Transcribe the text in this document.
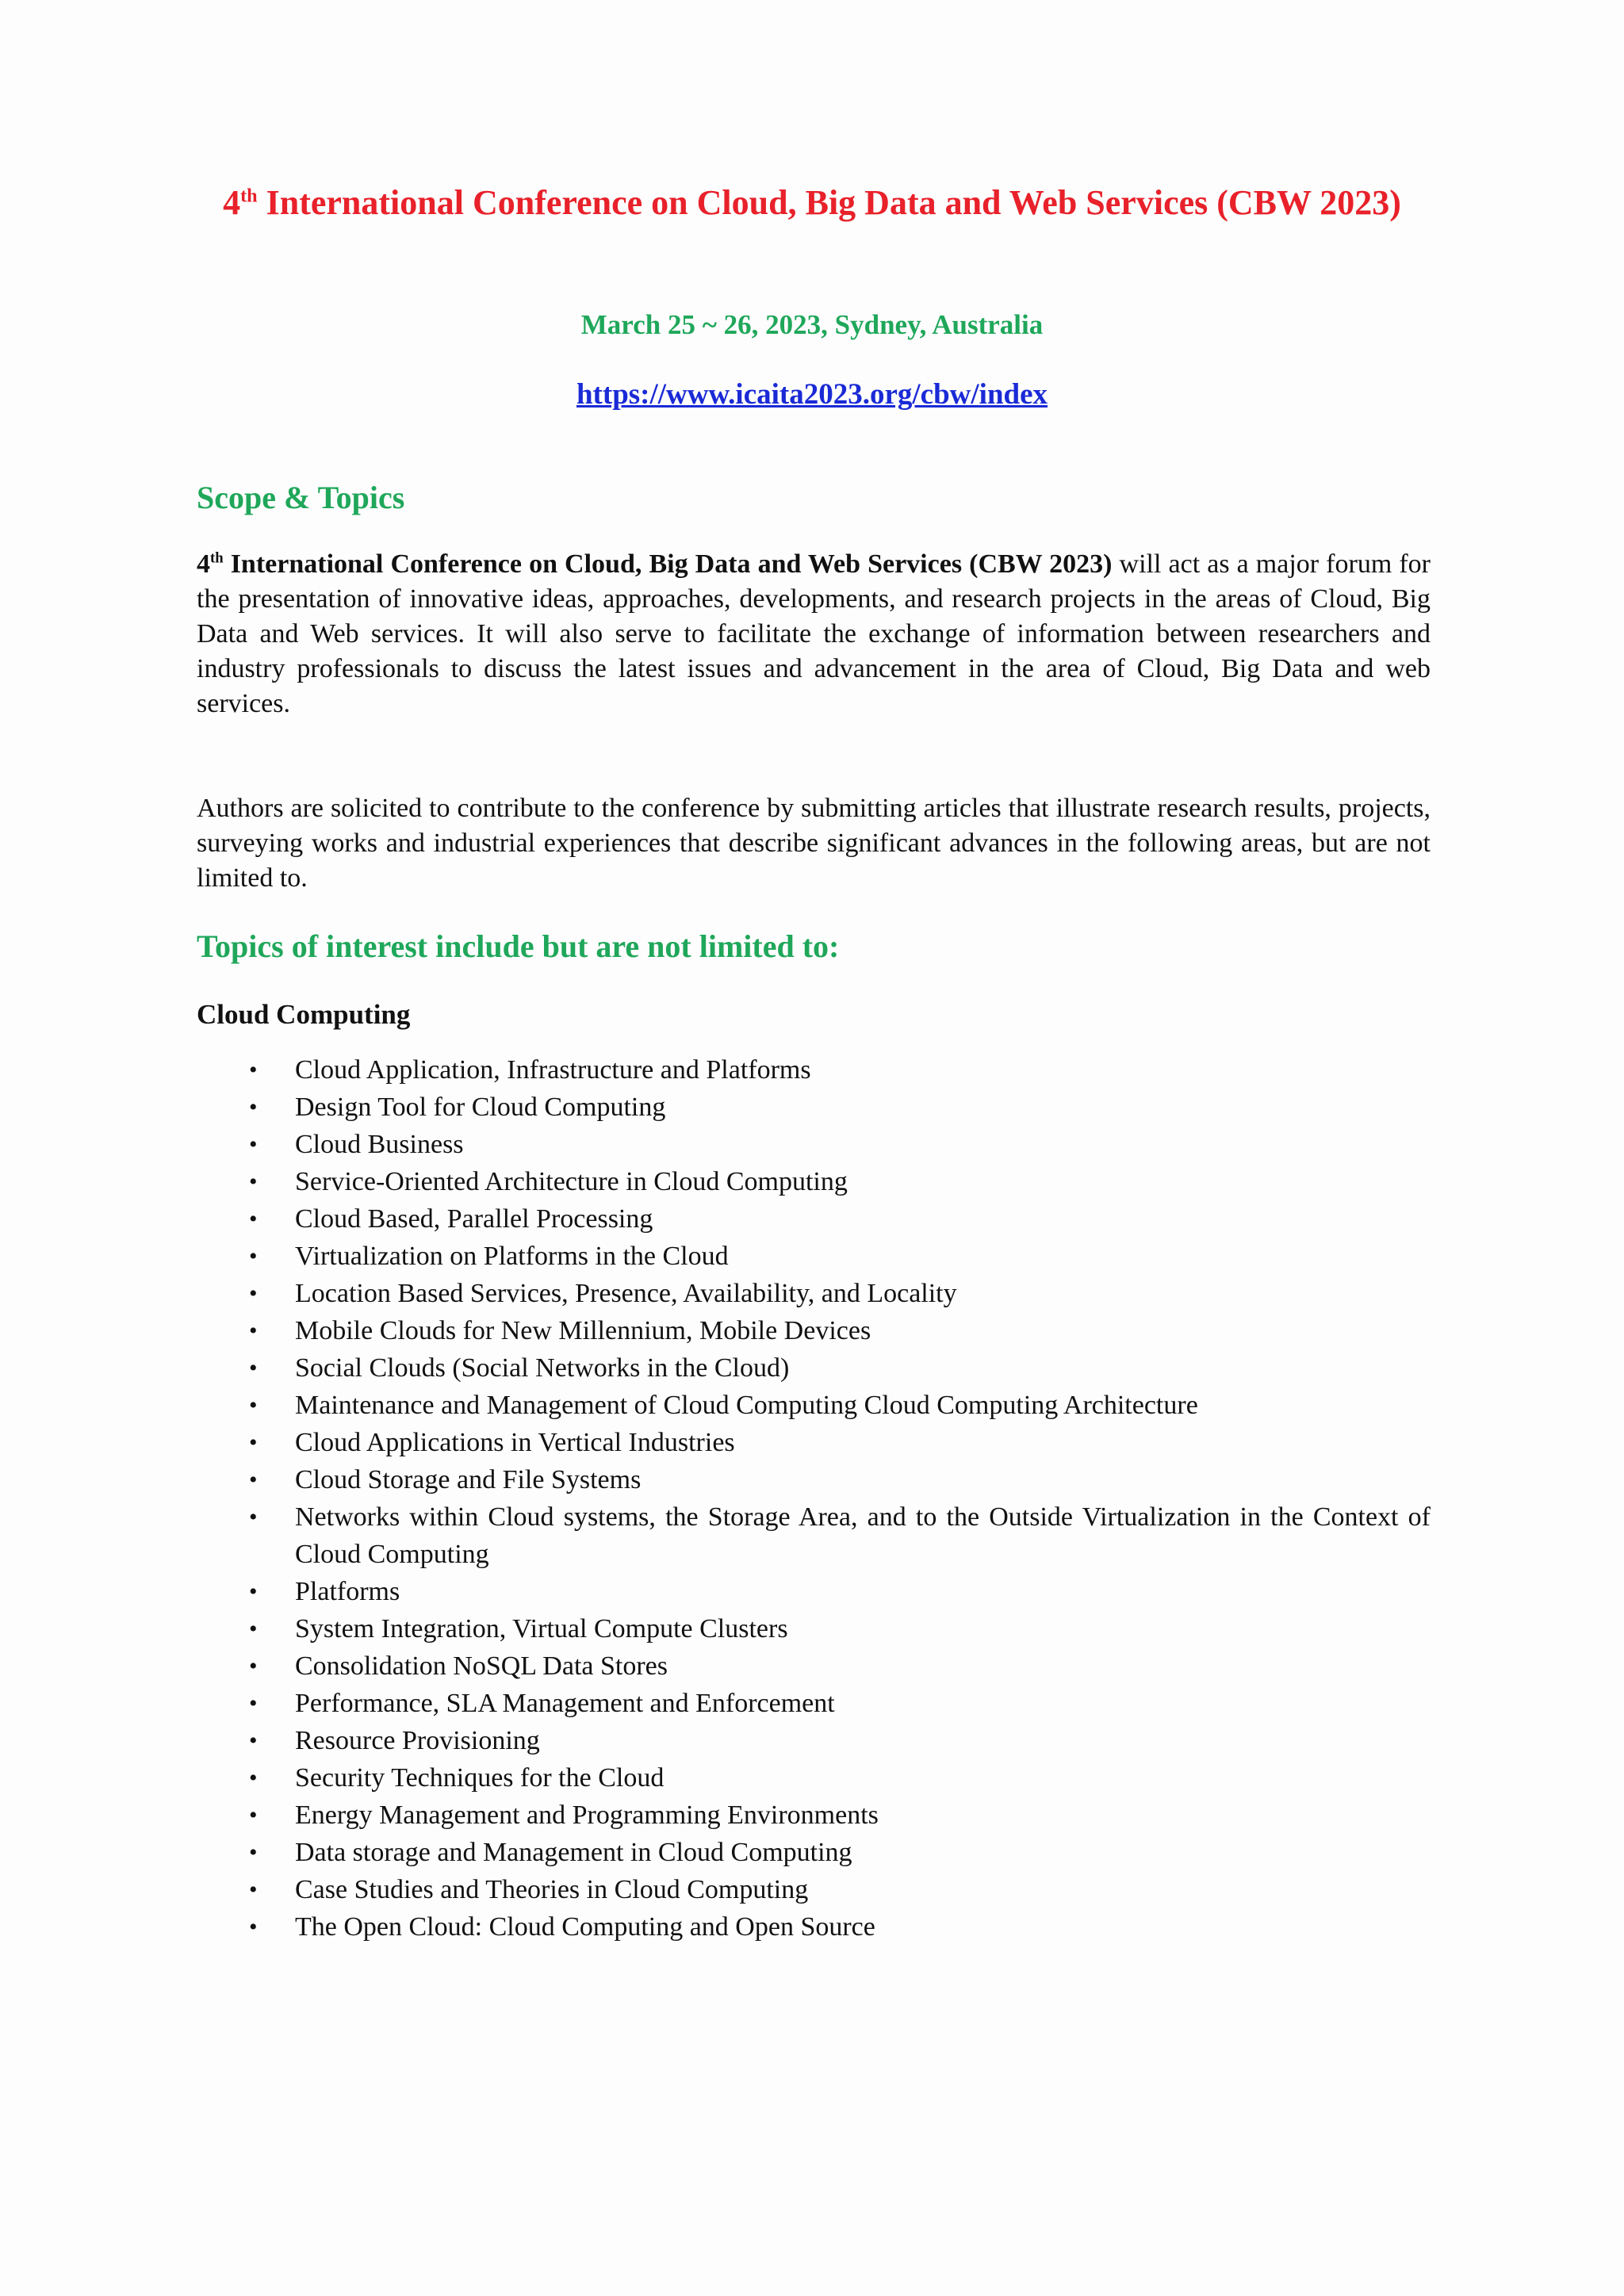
4th International Conference on Cloud, Big Data and Web Services (CBW 2023)

March 25 ~ 26, 2023, Sydney, Australia

https://www.icaita2023.org/cbw/index

Scope & Topics

4th International Conference on Cloud, Big Data and Web Services (CBW 2023) will act as a major forum for the presentation of innovative ideas, approaches, developments, and research projects in the areas of Cloud, Big Data and Web services. It will also serve to facilitate the exchange of information between researchers and industry professionals to discuss the latest issues and advancement in the area of Cloud, Big Data and web services.

Authors are solicited to contribute to the conference by submitting articles that illustrate research results, projects, surveying works and industrial experiences that describe significant advances in the following areas, but are not limited to.

Topics of interest include but are not limited to:
Cloud Computing
• Cloud Application, Infrastructure and Platforms
• Design Tool for Cloud Computing
• Cloud Business
• Service-Oriented Architecture in Cloud Computing
• Cloud Based, Parallel Processing
• Virtualization on Platforms in the Cloud
• Location Based Services, Presence, Availability, and Locality
• Mobile Clouds for New Millennium, Mobile Devices
• Social Clouds (Social Networks in the Cloud)
• Maintenance and Management of Cloud Computing Cloud Computing Architecture
• Cloud Applications in Vertical Industries
• Cloud Storage and File Systems
• Networks within Cloud systems, the Storage Area, and to the Outside Virtualization in the Context of Cloud Computing
• Platforms
• System Integration, Virtual Compute Clusters
• Consolidation NoSQL Data Stores
• Performance, SLA Management and Enforcement
• Resource Provisioning
• Security Techniques for the Cloud
• Energy Management and Programming Environments
• Data storage and Management in Cloud Computing
• Case Studies and Theories in Cloud Computing
• The Open Cloud: Cloud Computing and Open Source
